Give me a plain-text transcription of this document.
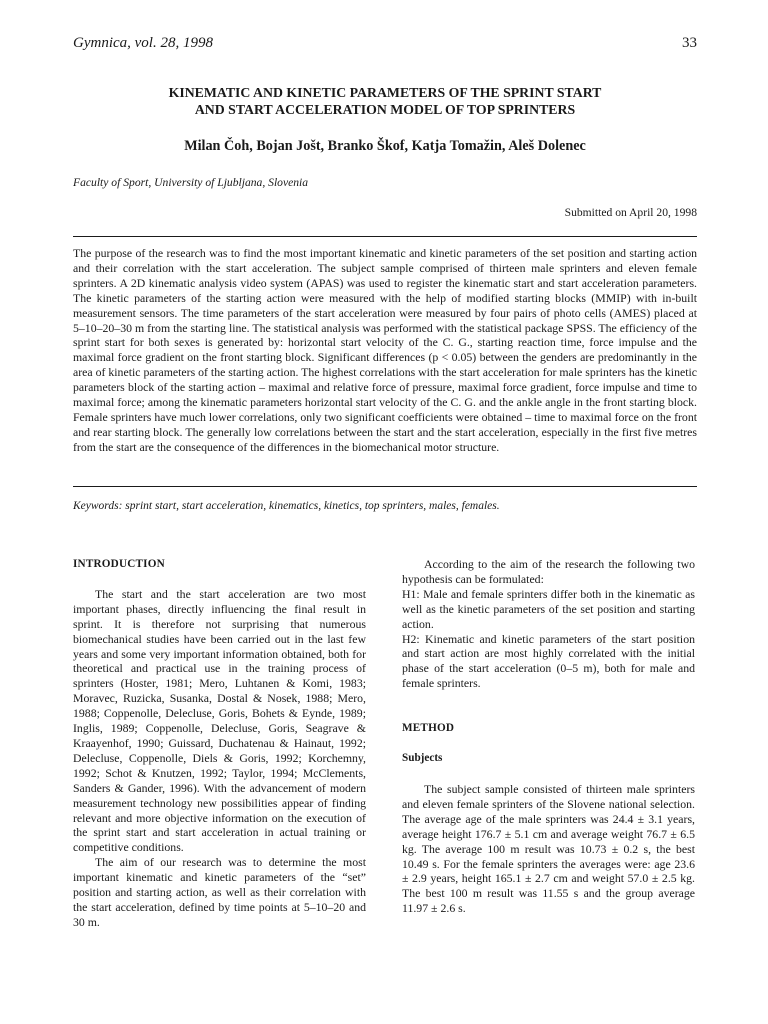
Gymnica, vol. 28, 1998	33
KINEMATIC AND KINETIC PARAMETERS OF THE SPRINT START
AND START ACCELERATION MODEL OF TOP SPRINTERS
Milan Čoh, Bojan Jošt, Branko Škof, Katja Tomažin, Aleš Dolenec
Faculty of Sport, University of Ljubljana, Slovenia
Submitted on April 20, 1998
The purpose of the research was to find the most important kinematic and kinetic parameters of the set position and starting action and their correlation with the start acceleration. The subject sample comprised of thirteen male sprinters and eleven female sprinters. A 2D kinematic analysis video system (APAS) was used to register the kinematic start and start acceleration parameters. The kinetic parameters of the starting action were measured with the help of modified starting blocks (MMIP) with in-built measurement sensors. The time parameters of the start acceleration were measured by four pairs of photo cells (AMES) placed at 5–10–20–30 m from the starting line. The statistical analysis was performed with the statistical package SPSS. The efficiency of the sprint start for both sexes is generated by: horizontal start velocity of the C. G., starting reaction time, force impulse and the maximal force gradient on the front starting block. Significant differences (p < 0.05) between the genders are predominantly in the area of kinetic parameters of the starting action. The highest correlations with the start acceleration for male sprinters has the kinetic parameters block of the starting action – maximal and relative force of pressure, maximal force gradient, force impulse and time to maximal force; among the kinematic parameters horizontal start velocity of the C. G. and the ankle angle in the front starting block. Female sprinters have much lower correlations, only two significant coefficients were obtained – time to maximal force on the front and rear starting block. The generally low correlations between the start and the start acceleration, especially in the first five metres from the start are the consequence of the differences in the biomechanical motor structure.
Keywords: sprint start, start acceleration, kinematics, kinetics, top sprinters, males, females.
INTRODUCTION

The start and the start acceleration are two most important phases, directly influencing the final result in sprint. It is therefore not surprising that numerous biomechanical studies have been carried out in the last few years and some very important information obtained, both for theoretical and practical use in the training process of sprinters (Hoster, 1981; Mero, Luhtanen & Komi, 1983; Moravec, Ruzicka, Susanka, Dostal & Nosek, 1988; Mero, 1988; Coppenolle, Delecluse, Goris, Bohets & Eynde, 1989; Inglis, 1989; Coppenolle, Delecluse, Goris, Seagrave & Kraayenhof, 1990; Guissard, Duchatenau & Hainaut, 1992; Delecluse, Coppenolle, Diels & Goris, 1992; Korchemny, 1992; Schot & Knutzen, 1992; Taylor, 1994; McClements, Sanders & Gander, 1996). With the advancement of modern measurement technology new possibilities appear of finding relevant and more objective information on the execution of the sprint start and start acceleration in actual training or competitive conditions.

The aim of our research was to determine the most important kinematic and kinetic parameters of the “set” position and starting action, as well as their correlation with the start acceleration, defined by time points at 5–10–20 and 30 m.

According to the aim of the research the following two hypothesis can be formulated:

H1: Male and female sprinters differ both in the kinematic as well as the kinetic parameters of the set position and starting action.

H2: Kinematic and kinetic parameters of the start position and start action are most highly correlated with the initial phase of the start acceleration (0–5 m), both for male and female sprinters.

METHOD
Subjects

The subject sample consisted of thirteen male sprinters and eleven female sprinters of the Slovene national selection. The average age of the male sprinters was 24.4 ± 3.1 years, average height 176.7 ± 5.1 cm and average weight 76.7 ± 6.5 kg. The average 100 m result was 10.73 ± 0.2 s, the best 10.49 s. For the female sprinters the averages were: age 23.6 ± 2.9 years, height 165.1 ± 2.7 cm and weight 57.0 ± 2.5 kg. The best 100 m result was 11.55 s and the group average 11.97 ± 2.6 s.
